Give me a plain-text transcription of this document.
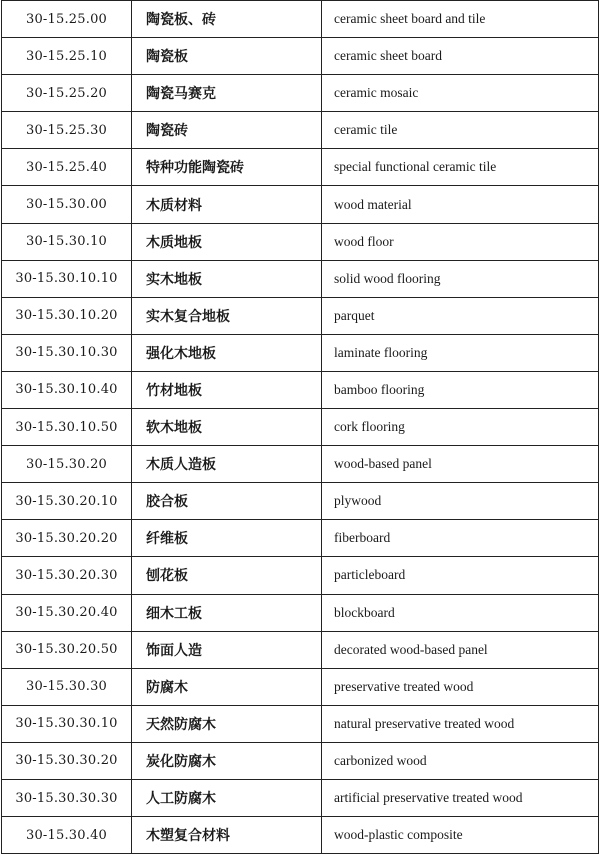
30-15.25.00	陶瓷板、砖	ceramic sheet board and tile
30-15.25.10	陶瓷板	ceramic sheet board
30-15.25.20	陶瓷马赛克	ceramic mosaic
30-15.25.30	陶瓷砖	ceramic tile
30-15.25.40	特种功能陶瓷砖	special functional ceramic tile
30-15.30.00	木质材料	wood material
30-15.30.10	木质地板	wood floor
30-15.30.10.10	实木地板	solid wood flooring
30-15.30.10.20	实木复合地板	parquet
30-15.30.10.30	强化木地板	laminate flooring
30-15.30.10.40	竹材地板	bamboo flooring
30-15.30.10.50	软木地板	cork flooring
30-15.30.20	木质人造板	wood-based panel
30-15.30.20.10	胶合板	plywood
30-15.30.20.20	纤维板	fiberboard
30-15.30.20.30	刨花板	particleboard
30-15.30.20.40	细木工板	blockboard
30-15.30.20.50	饰面人造	decorated wood-based panel
30-15.30.30	防腐木	preservative treated wood
30-15.30.30.10	天然防腐木	natural preservative treated wood
30-15.30.30.20	炭化防腐木	carbonized wood
30-15.30.30.30	人工防腐木	artificial preservative treated wood
30-15.30.40	木塑复合材料	wood-plastic composite
